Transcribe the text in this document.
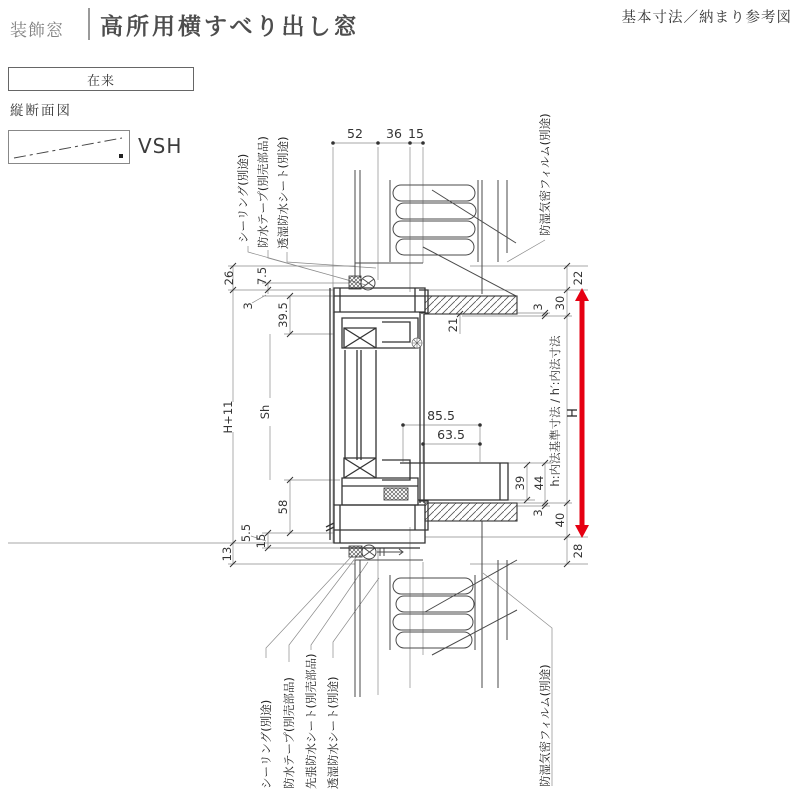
装飾窓 高所用横すべり出し窓	基本寸法／納まり参考図
在来
縦断面図
VSH
52 36 15
85.5
63.5
26 7.5
3 39.5
H+11 Sh
58
5.5 15
13
21
3 30
22
39 44
3 40
28
H
h:内法基準寸法 / h′:内法寸法
シーリング(別途) 防水テープ(別売部品) 透湿防水シート(別途)	防湿気密フィルム(別途)
シーリング(別途) 防水テープ(別売部品) 先張防水シート(別売部品) 透湿防水シート(別途)	防湿気密フィルム(別途)
